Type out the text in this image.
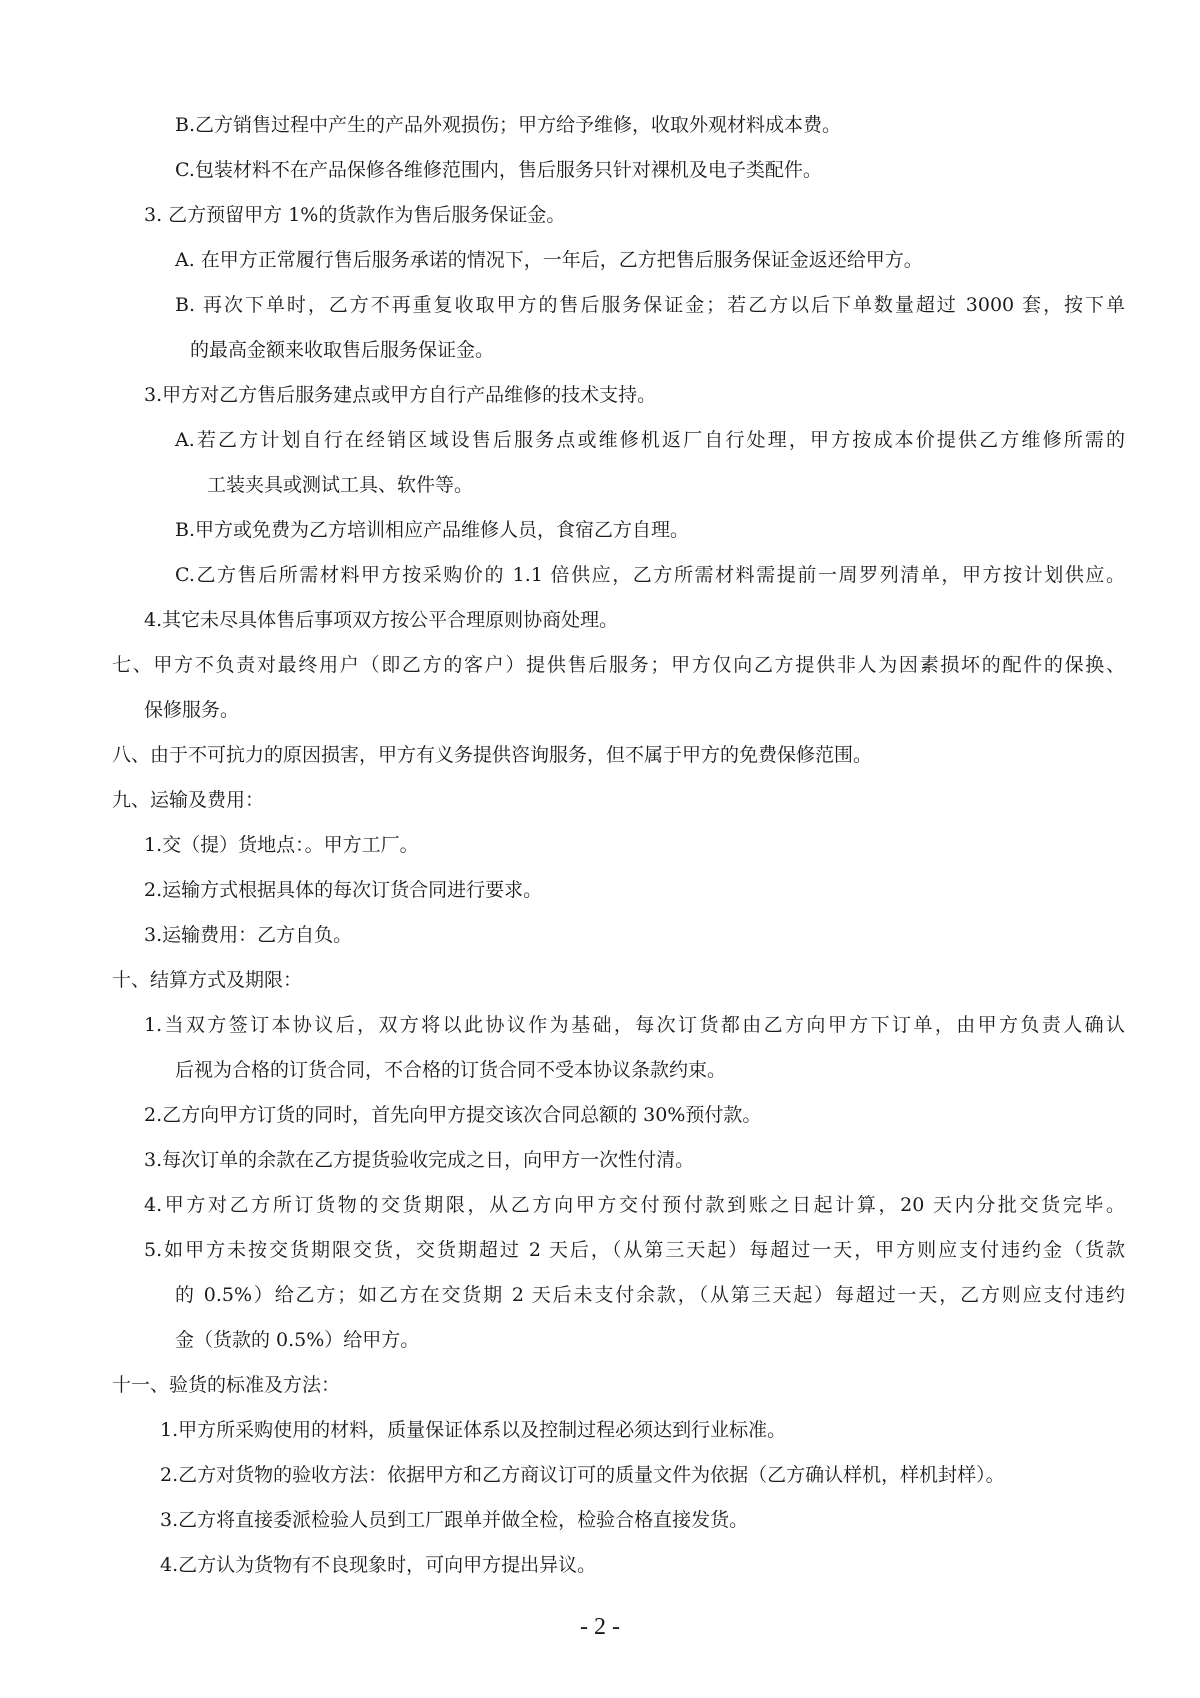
B.乙方销售过程中产生的产品外观损伤；甲方给予维修，收取外观材料成本费。
C.包装材料不在产品保修各维修范围内，售后服务只针对裸机及电子类配件。
3. 乙方预留甲方 1%的货款作为售后服务保证金。
A. 在甲方正常履行售后服务承诺的情况下，一年后，乙方把售后服务保证金返还给甲方。
B. 再次下单时，乙方不再重复收取甲方的售后服务保证金；若乙方以后下单数量超过 3000 套，按下单
的最高金额来收取售后服务保证金。
3.甲方对乙方售后服务建点或甲方自行产品维修的技术支持。
A.若乙方计划自行在经销区域设售后服务点或维修机返厂自行处理，甲方按成本价提供乙方维修所需的
工装夹具或测试工具、软件等。
B.甲方或免费为乙方培训相应产品维修人员，食宿乙方自理。
C.乙方售后所需材料甲方按采购价的 1.1 倍供应，乙方所需材料需提前一周罗列清单，甲方按计划供应。
4.其它未尽具体售后事项双方按公平合理原则协商处理。
七、甲方不负责对最终用户（即乙方的客户）提供售后服务；甲方仅向乙方提供非人为因素损坏的配件的保换、
保修服务。
八、由于不可抗力的原因损害，甲方有义务提供咨询服务，但不属于甲方的免费保修范围。
九、运输及费用：
1.交（提）货地点：。甲方工厂。
2.运输方式根据具体的每次订货合同进行要求。
3.运输费用：乙方自负。
十、结算方式及期限：
1.当双方签订本协议后，双方将以此协议作为基础，每次订货都由乙方向甲方下订单，由甲方负责人确认
后视为合格的订货合同，不合格的订货合同不受本协议条款约束。
2.乙方向甲方订货的同时，首先向甲方提交该次合同总额的 30%预付款。
3.每次订单的余款在乙方提货验收完成之日，向甲方一次性付清。
4.甲方对乙方所订货物的交货期限，从乙方向甲方交付预付款到账之日起计算，20 天内分批交货完毕。
5.如甲方未按交货期限交货，交货期超过 2 天后，（从第三天起）每超过一天，甲方则应支付违约金（货款
的 0.5%）给乙方；如乙方在交货期 2 天后未支付余款，（从第三天起）每超过一天，乙方则应支付违约
金（货款的 0.5%）给甲方。
十一、验货的标准及方法：
1.甲方所采购使用的材料，质量保证体系以及控制过程必须达到行业标准。
2.乙方对货物的验收方法：依据甲方和乙方商议订可的质量文件为依据（乙方确认样机，样机封样）。
3.乙方将直接委派检验人员到工厂跟单并做全检，检验合格直接发货。
4.乙方认为货物有不良现象时，可向甲方提出异议。
- 2 -
